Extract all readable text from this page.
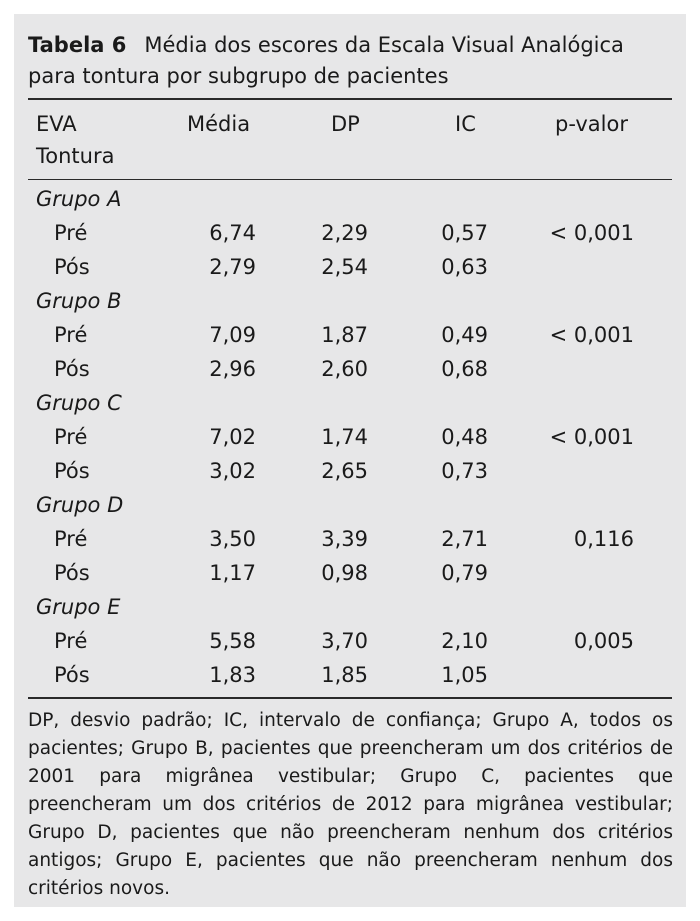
Tabela 6 Média dos escores da Escala Visual Analógica para tontura por subgrupo de pacientes
EVA
Tontura
Média	DP	IC	p-valor
Grupo A
Pré	6,74	2,29	0,57	< 0,001
Pós	2,79	2,54	0,63
Grupo B
Pré	7,09	1,87	0,49	< 0,001
Pós	2,96	2,60	0,68
Grupo C
Pré	7,02	1,74	0,48	< 0,001
Pós	3,02	2,65	0,73
Grupo D
Pré	3,50	3,39	2,71	0,116
Pós	1,17	0,98	0,79
Grupo E
Pré	5,58	3,70	2,10	0,005
Pós	1,83	1,85	1,05
DP, desvio padrão; IC, intervalo de confiança; Grupo A, todos os pacientes; Grupo B, pacientes que preencheram um dos critérios de 2001 para migrânea vestibular; Grupo C, pacientes que preencheram um dos critérios de 2012 para migrânea vestibular; Grupo D, pacientes que não preencheram nenhum dos critérios antigos; Grupo E, pacientes que não preencheram nenhum dos critérios novos.
